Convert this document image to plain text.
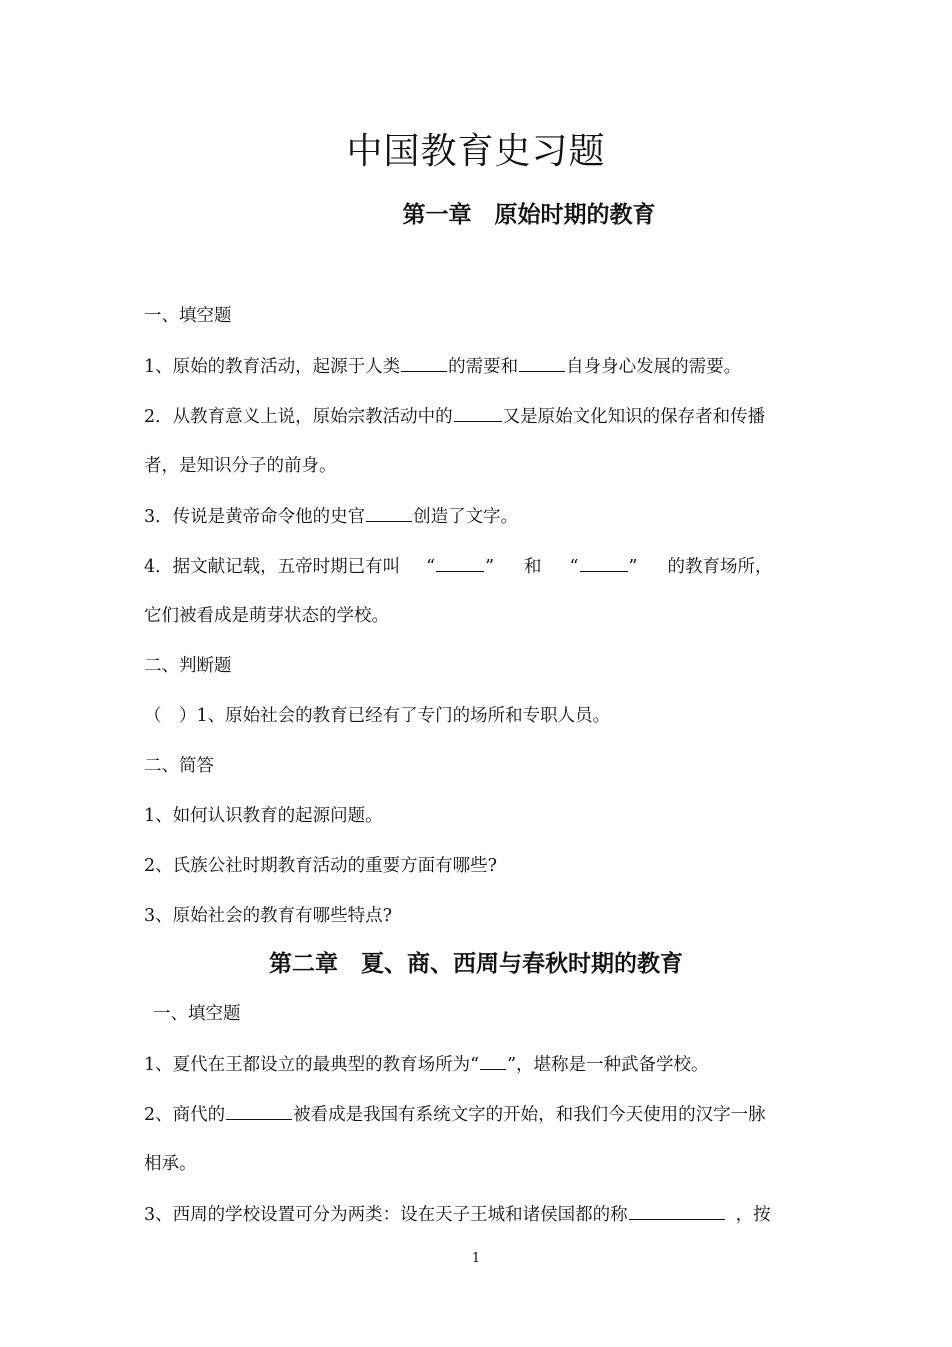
中国教育史习题
第一章　原始时期的教育
一、填空题
1、原始的教育活动，起源于人类	的需要和	自身身心发展的需要。
2．从教育意义上说，原始宗教活动中的	又是原始文化知识的保存者和传播
者，是知识分子的前身。
3．传说是黄帝命令他的史官	创造了文字。
4．据文献记载，五帝时期已有叫 “	” 和 “	” 的教育场所，
它们被看成是萌芽状态的学校。
二、判断题
（　）1、原始社会的教育已经有了专门的场所和专职人员。
二、简答
1、如何认识教育的起源问题。
2、氏族公社时期教育活动的重要方面有哪些?
3、原始社会的教育有哪些特点?
第二章　夏、商、西周与春秋时期的教育
一、填空题
1、夏代在王都设立的最典型的教育场所为“ ”，堪称是一种武备学校。
2、商代的	被看成是我国有系统文字的开始，和我们今天使用的汉字一脉
相承。
3、西周的学校设置可分为两类：设在天子王城和诸侯国都的称	，按
1
